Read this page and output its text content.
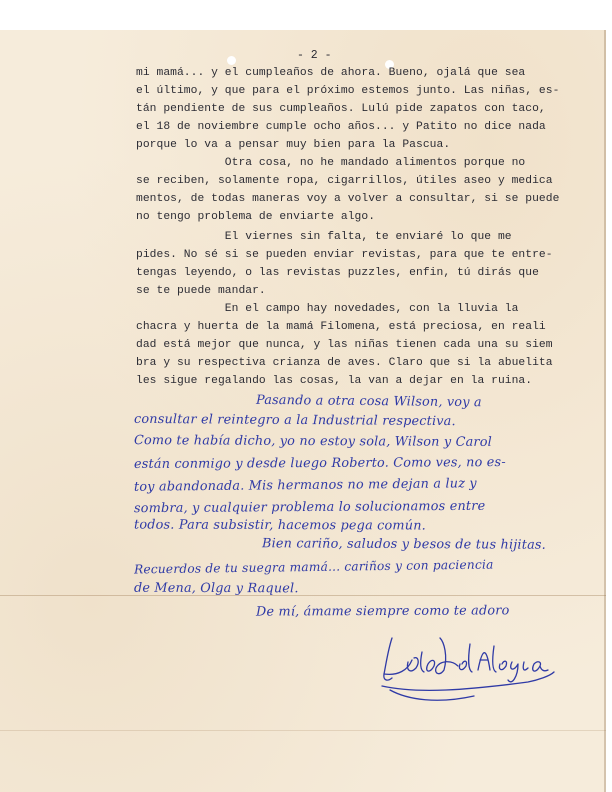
- 2 -
mi mamá... y el cumpleaños de ahora. Bueno, ojalá que sea
el último, y que para el próximo estemos junto. Las niñas, es-
tán pendiente de sus cumpleaños. Lulú pide zapatos con taco,
el 18 de noviembre cumple ocho años... y Patito no dice nada
porque lo va a pensar muy bien para la Pascua.
Otra cosa, no he mandado alimentos porque no
se reciben, solamente ropa, cigarrillos, útiles aseo y medica
mentos, de todas maneras voy a volver a consultar, si se puede
no tengo problema de enviarte algo.
El viernes sin falta, te enviaré lo que me
pides. No sé si se pueden enviar revistas, para que te entre-
tengas leyendo, o las revistas puzzles, enfin, tú dirás que
se te puede mandar.
En el campo hay novedades, con la lluvia la
chacra y huerta de la mamá Filomena, está preciosa, en reali
dad está mejor que nunca, y las niñas tienen cada una su siem
bra y su respectiva crianza de aves. Claro que si la abuelita
les sigue regalando las cosas, la van a dejar en la ruina.
Pasando a otra cosa Wilson, voy a
consultar el reintegro a la Industrial respectiva.
Como te había dicho, yo no estoy sola, Wilson y Carol
están conmigo y desde luego Roberto. Como ves, no es-
toy abandonada. Mis hermanos no me dejan a luz y
sombra, y cualquier problema lo solucionamos entre
todos. Para subsistir, hacemos pega común.
Bien cariño, saludos y besos de tus hijitas.
Recuerdos de tu suegra mamá... cariños y con paciencia
de Mena, Olga y Raquel.
De mí, ámame siempre como te adoro
